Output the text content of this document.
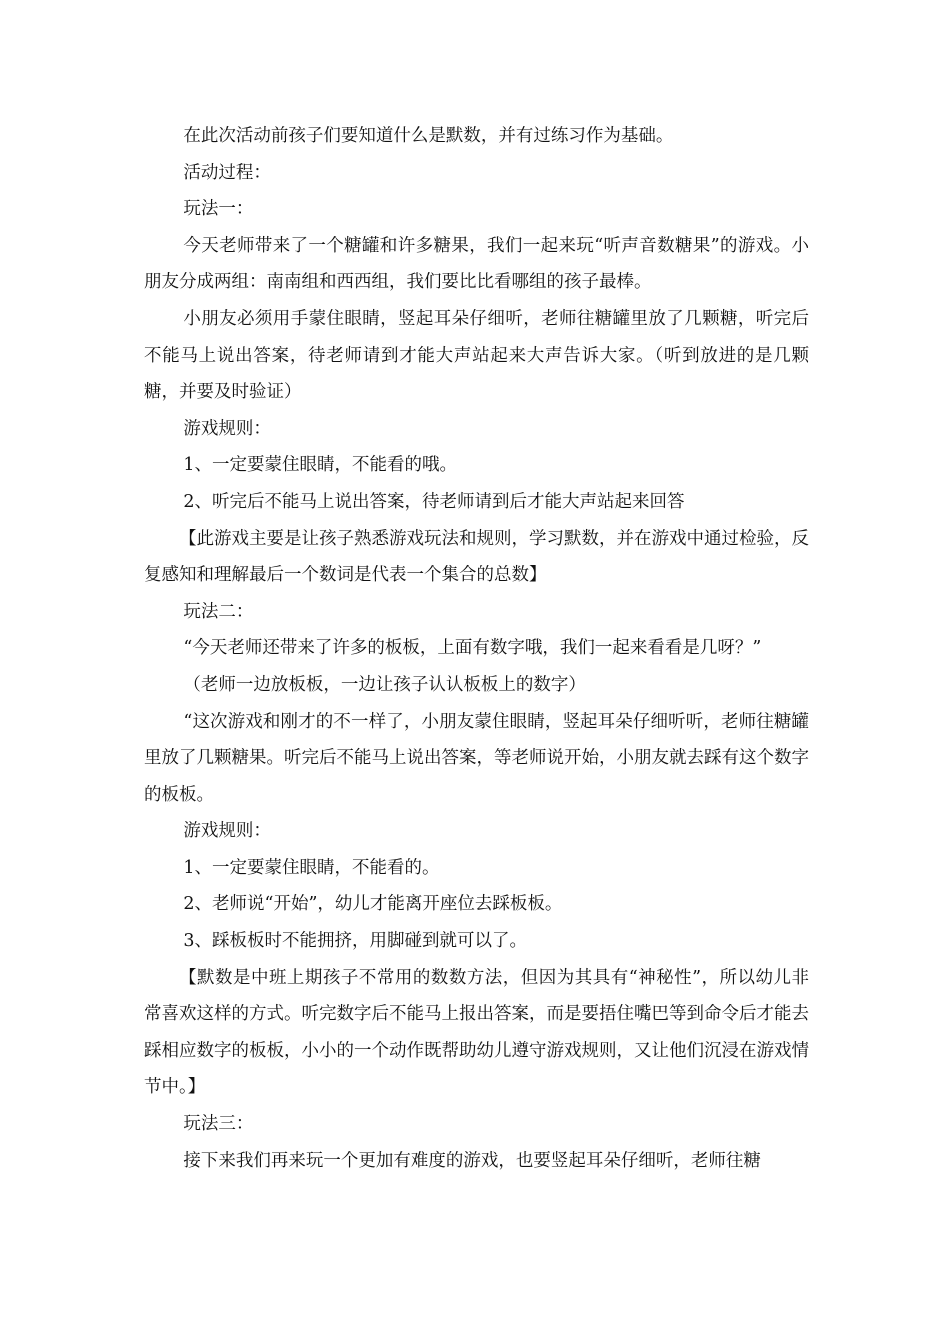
在此次活动前孩子们要知道什么是默数，并有过练习作为基础。

活动过程：

玩法一：

今天老师带来了一个糖罐和许多糖果，我们一起来玩“听声音数糖果”的游戏。小朋友分成两组：南南组和西西组，我们要比比看哪组的孩子最棒。

小朋友必须用手蒙住眼睛，竖起耳朵仔细听，老师往糖罐里放了几颗糖，听完后不能马上说出答案，待老师请到才能大声站起来大声告诉大家。（听到放进的是几颗糖，并要及时验证）

游戏规则：

1、一定要蒙住眼睛，不能看的哦。

2、听完后不能马上说出答案，待老师请到后才能大声站起来回答

【此游戏主要是让孩子熟悉游戏玩法和规则，学习默数，并在游戏中通过检验，反复感知和理解最后一个数词是代表一个集合的总数】

玩法二：

“今天老师还带来了许多的板板，上面有数字哦，我们一起来看看是几呀？”

（老师一边放板板，一边让孩子认认板板上的数字）

“这次游戏和刚才的不一样了，小朋友蒙住眼睛，竖起耳朵仔细听听，老师往糖罐里放了几颗糖果。听完后不能马上说出答案，等老师说开始，小朋友就去踩有这个数字的板板。

游戏规则：

1、一定要蒙住眼睛，不能看的。

2、老师说“开始”，幼儿才能离开座位去踩板板。

3、踩板板时不能拥挤，用脚碰到就可以了。

【默数是中班上期孩子不常用的数数方法，但因为其具有“神秘性”，所以幼儿非常喜欢这样的方式。听完数字后不能马上报出答案，而是要捂住嘴巴等到命令后才能去踩相应数字的板板，小小的一个动作既帮助幼儿遵守游戏规则，又让他们沉浸在游戏情节中。】

玩法三：

接下来我们再来玩一个更加有难度的游戏，也要竖起耳朵仔细听，老师往糖
